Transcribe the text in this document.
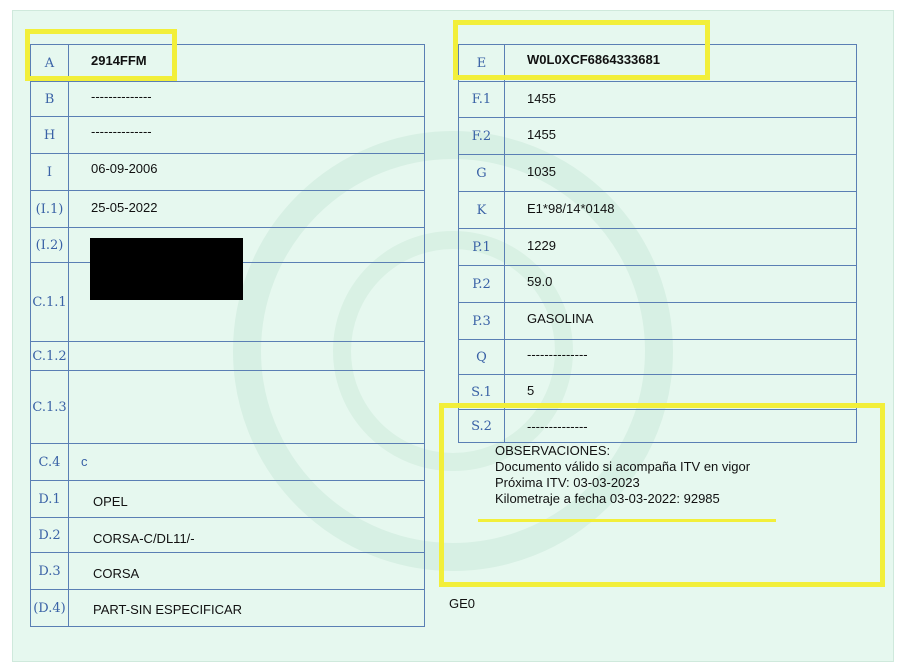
A	2914FFM
B	--------------
H	--------------
I	06-09-2006
(I.1)	25-05-2022
(I.2)
C.1.1
C.1.2
C.1.3
C.4	c
D.1	OPEL
D.2	CORSA-C/DL11/-
D.3	CORSA
(D.4) PART-SIN ESPECIFICAR
E	W0L0XCF6864333681
F.1	1455
F.2	1455
G	1035
K	E1*98/14*0148
P.1	1229
P.2	59.0
P.3	GASOLINA
Q	--------------
S.1	5
S.2	--------------
OBSERVACIONES:
Documento válido si acompaña ITV en vigor
Próxima ITV: 03-03-2023
Kilometraje a fecha 03-03-2022: 92985
GE0
